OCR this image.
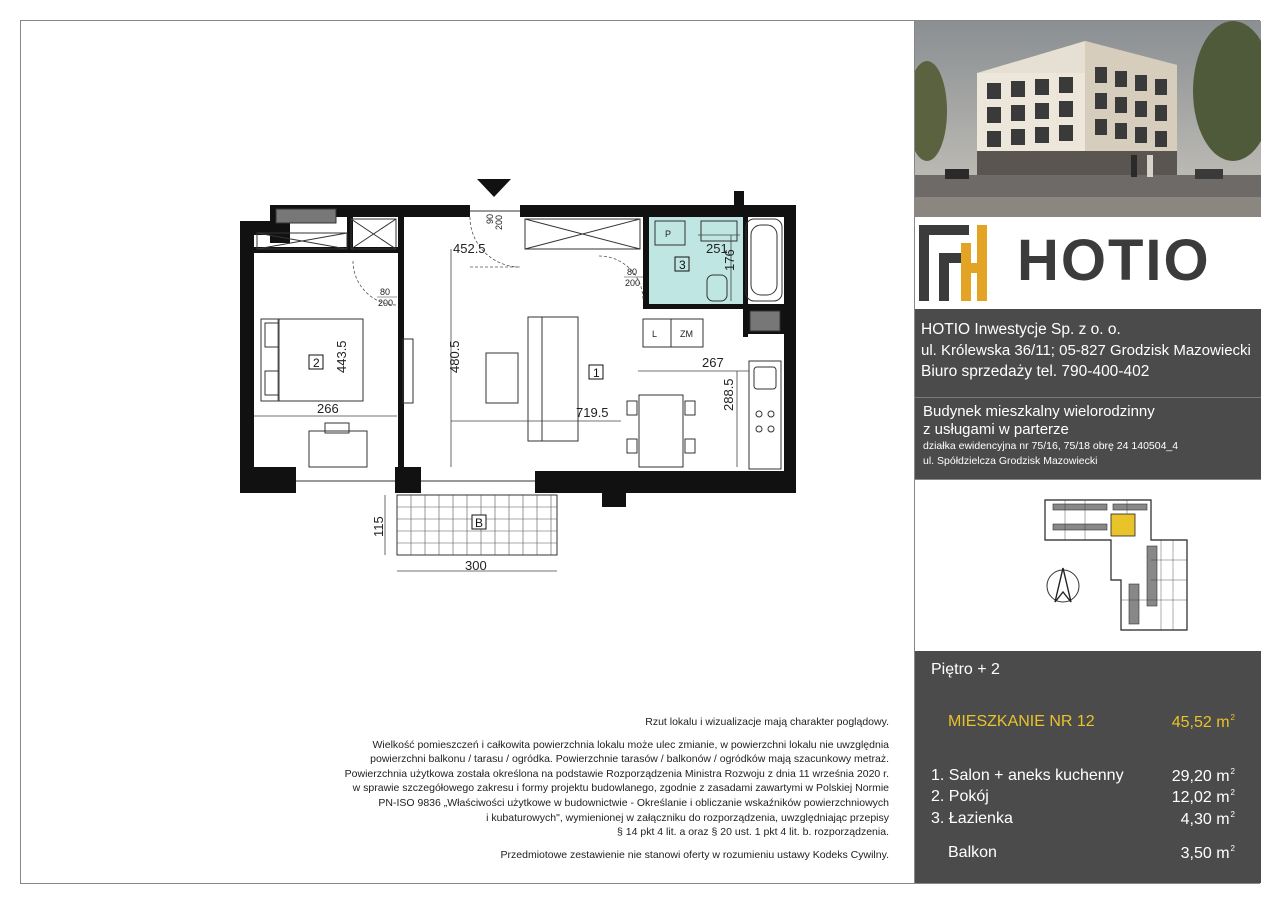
452.5	251
176
480.5
443.5
266
267
288.5
719.5
115
300
90 200
80
200
80
200
P
L	ZM
1
2
3
B
Rzut lokalu i wizualizacje mają charakter poglądowy.
Wielkość pomieszczeń i całkowita powierzchnia lokalu może ulec zmianie, w powierzchni lokalu nie uwzględnia
powierzchni balkonu / tarasu / ogródka. Powierzchnie tarasów / balkonów / ogródków mają szacunkowy metraż.
Powierzchnia użytkowa została określona na podstawie Rozporządzenia Ministra Rozwoju z dnia 11 września 2020 r.
w sprawie szczegółowego zakresu i formy projektu budowlanego, zgodnie z zasadami zawartymi w Polskiej Normie
PN-ISO 9836 „Właściwości użytkowe w budownictwie - Określanie i obliczanie wskaźników powierzchniowych
i kubaturowych", wymienionej w załączniku do rozporządzenia, uwzględniając przepisy
§ 14 pkt 4 lit. a oraz § 20 ust. 1 pkt 4 lit. b. rozporządzenia.
Przedmiotowe zestawienie nie stanowi oferty w rozumieniu ustawy Kodeks Cywilny.
HOTIO
HOTIO Inwestycje Sp. z o. o.
ul. Królewska 36/11; 05-827 Grodzisk Mazowiecki
Biuro sprzedaży tel. 790-400-402
Budynek mieszkalny wielorodzinny
z usługami w parterze
działka ewidencyjna nr 75/16, 75/18 obrę 24 140504_4
ul. Spółdzielcza Grodzisk Mazowiecki
Piętro + 2
MIESZKANIE NR 12	45,52 $m^2$
1. Salon + aneks kuchenny	29,20 $m^2$
2. Pokój	12,02 $m^2$
3. Łazienka	4,30 $m^2$
Balkon	3,50 $m^2$
